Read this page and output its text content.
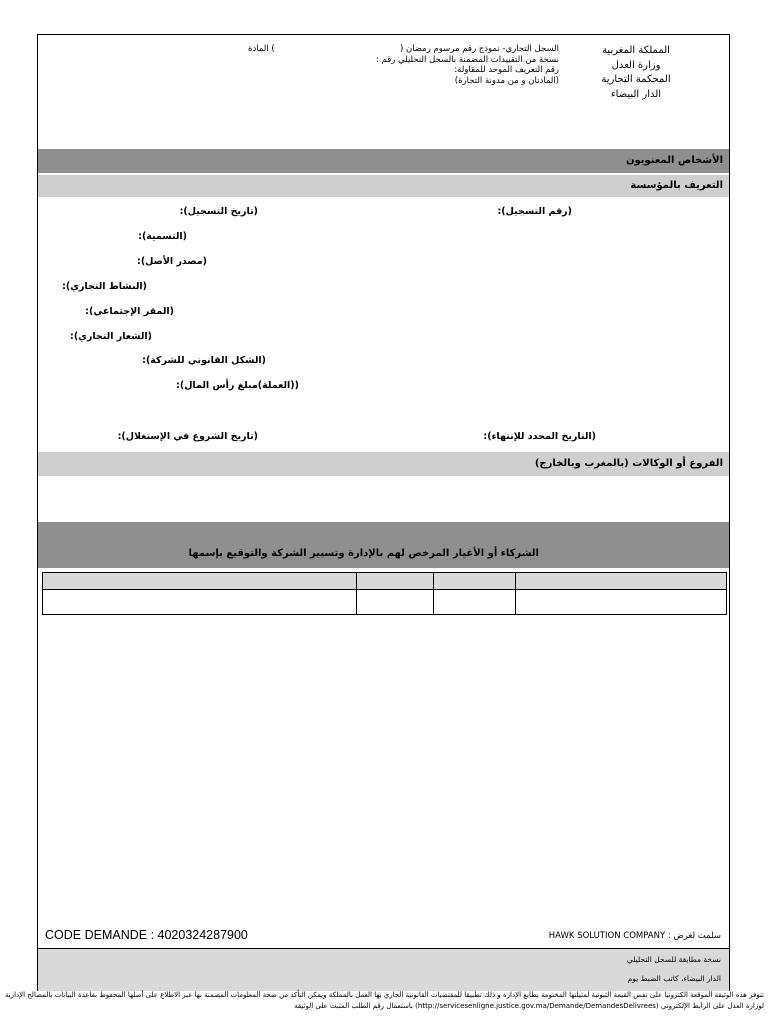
المملكة المغربية
وزارة العدل
المحكمة التجارية
الدار البيضاء
السجل التجاري- نموذج رقم مرسوم رمضان (
نسخة من التقييدات المضمنة بالسجل التحليلي رقم :
رقم التعريف الموحد للمقاولة:
(المادتان و من مدونة التجارة)
) المادة
الأشخاص المعنويون
التعريف بالمؤسسة
(رقم التسجيل):
(تاريخ التسجيل):
(التسمية):
(مصدر الأصل):
(النشاط التجاري):
(المقر الإجتماعي):
(الشعار التجاري):
(الشكل القانوني للشركة):
((العملة)مبلغ رأس المال):
(التاريخ المحدد للإنتهاء):
(تاريخ الشروع في الإستغلال):
الفروع أو الوكالات (بالمغرب وبالخارج)
الشركاء أو الأغيار المرخص لهم بالإدارة وتسيير الشركة والتوقيع بإسمها

CODE DEMANDE : 4020324287900	سلمت لغرض : HAWK SOLUTION COMPANY
نسخة مطابقة للسجل التحليلي
الدار البيضاء، كاتب الضبط يوم
تتوفر هذه الوثيقة الموقعة الكترونيا على نفس القيمة الثبوتية لمثيلتها المختومة بطابع الإدارة و ذلك تطبيقا للمقتضيات القانونية الجاري بها العمل بالمملكة ويمكن التأكد من صحة المعلومات المضمنة بها عبر الاطلاع على أصلها المحفوظ بقاعدة البيانات بالمصالح الإدارية لوزارة العدل على الرابط الإلكتروني (http://servicesenligne.justice.gov.ma/Demande/DemandesDelivrees) باستعمال رقم الطلب المثبت على الوثيقة
